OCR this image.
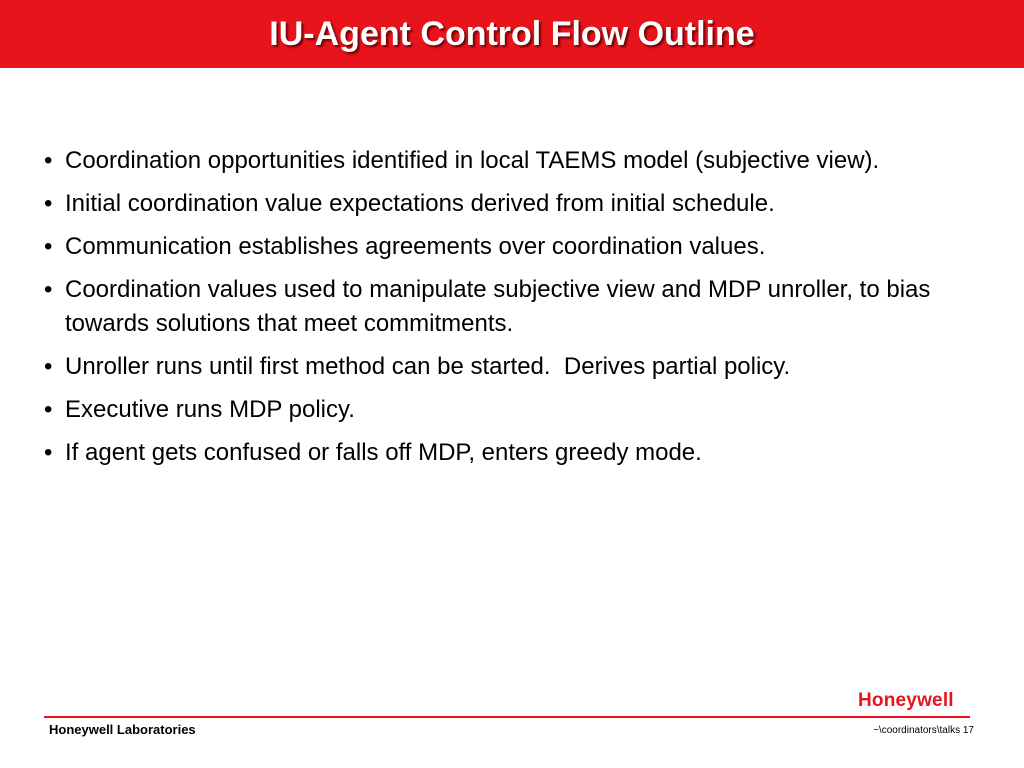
IU-Agent Control Flow Outline
• Coordination opportunities identified in local TAEMS model (subjective view).
• Initial coordination value expectations derived from initial schedule.
• Communication establishes agreements over coordination values.
• Coordination values used to manipulate subjective view and MDP unroller, to bias towards solutions that meet commitments.
• Unroller runs until first method can be started.  Derives partial policy.
• Executive runs MDP policy.
• If agent gets confused or falls off MDP, enters greedy mode.
Honeywell
Honeywell Laboratories	~\coordinators\talks 17
